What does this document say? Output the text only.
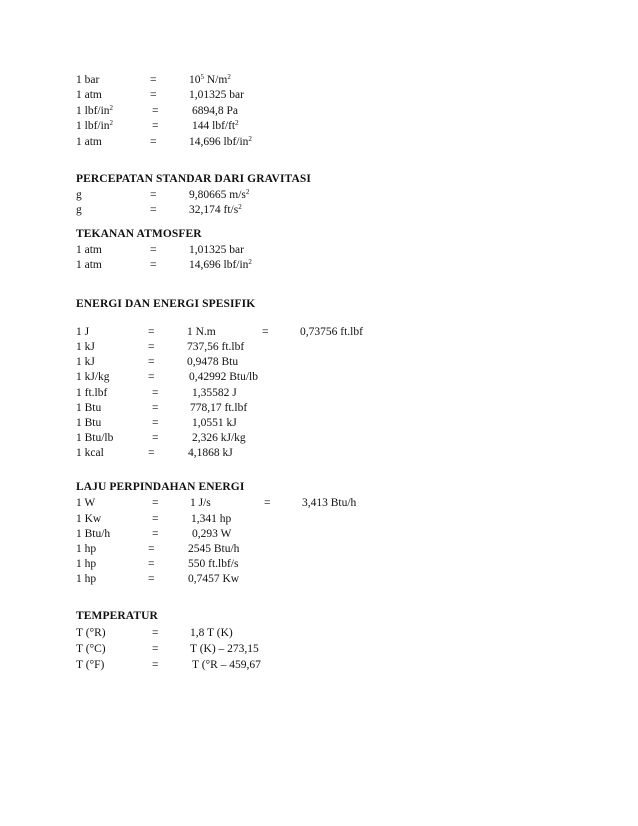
1 bar	=	$10^5$ $N/m^2$
1 atm	=	1,01325 bar
1 lbf/$in^2$	=	6894,8 Pa
1 lbf/$in^2$	=	144 lbf/$ft^2$
1 atm	=	14,696 lbf/$in^2$
PERCEPATAN STANDAR DARI GRAVITASI
g	=	9,80665 $m/s^2$
g	=	32,174 $ft/s^2$
TEKANAN ATMOSFER
1 atm	=	1,01325 bar
1 atm	=	14,696 lbf/$in^2$
ENERGI DAN ENERGI SPESIFIK
1 J	=	1 N.m	=	0,73756 ft.lbf
1 kJ	=	737,56 ft.lbf
1 kJ	=	0,9478 Btu
1 kJ/kg	=	0,42992 Btu/lb
1 ft.lbf	=	1,35582 J
1 Btu	=	778,17 ft.lbf
1 Btu	=	1,0551 kJ
1 Btu/lb	=	2,326 kJ/kg
1 kcal	=	4,1868 kJ
LAJU PERPINDAHAN ENERGI
1 W	=	1 J/s	=	3,413 Btu/h
1 Kw	=	1,341 hp
1 Btu/h	=	0,293 W
1 hp	=	2545 Btu/h
1 hp	=	550 ft.lbf/s
1 hp	=	0,7457 Kw
TEMPERATUR
T (°R)	=	1,8 T (K)
T (°C)	=	T (K) – 273,15
T (°F)	=	T (°R – 459,67
